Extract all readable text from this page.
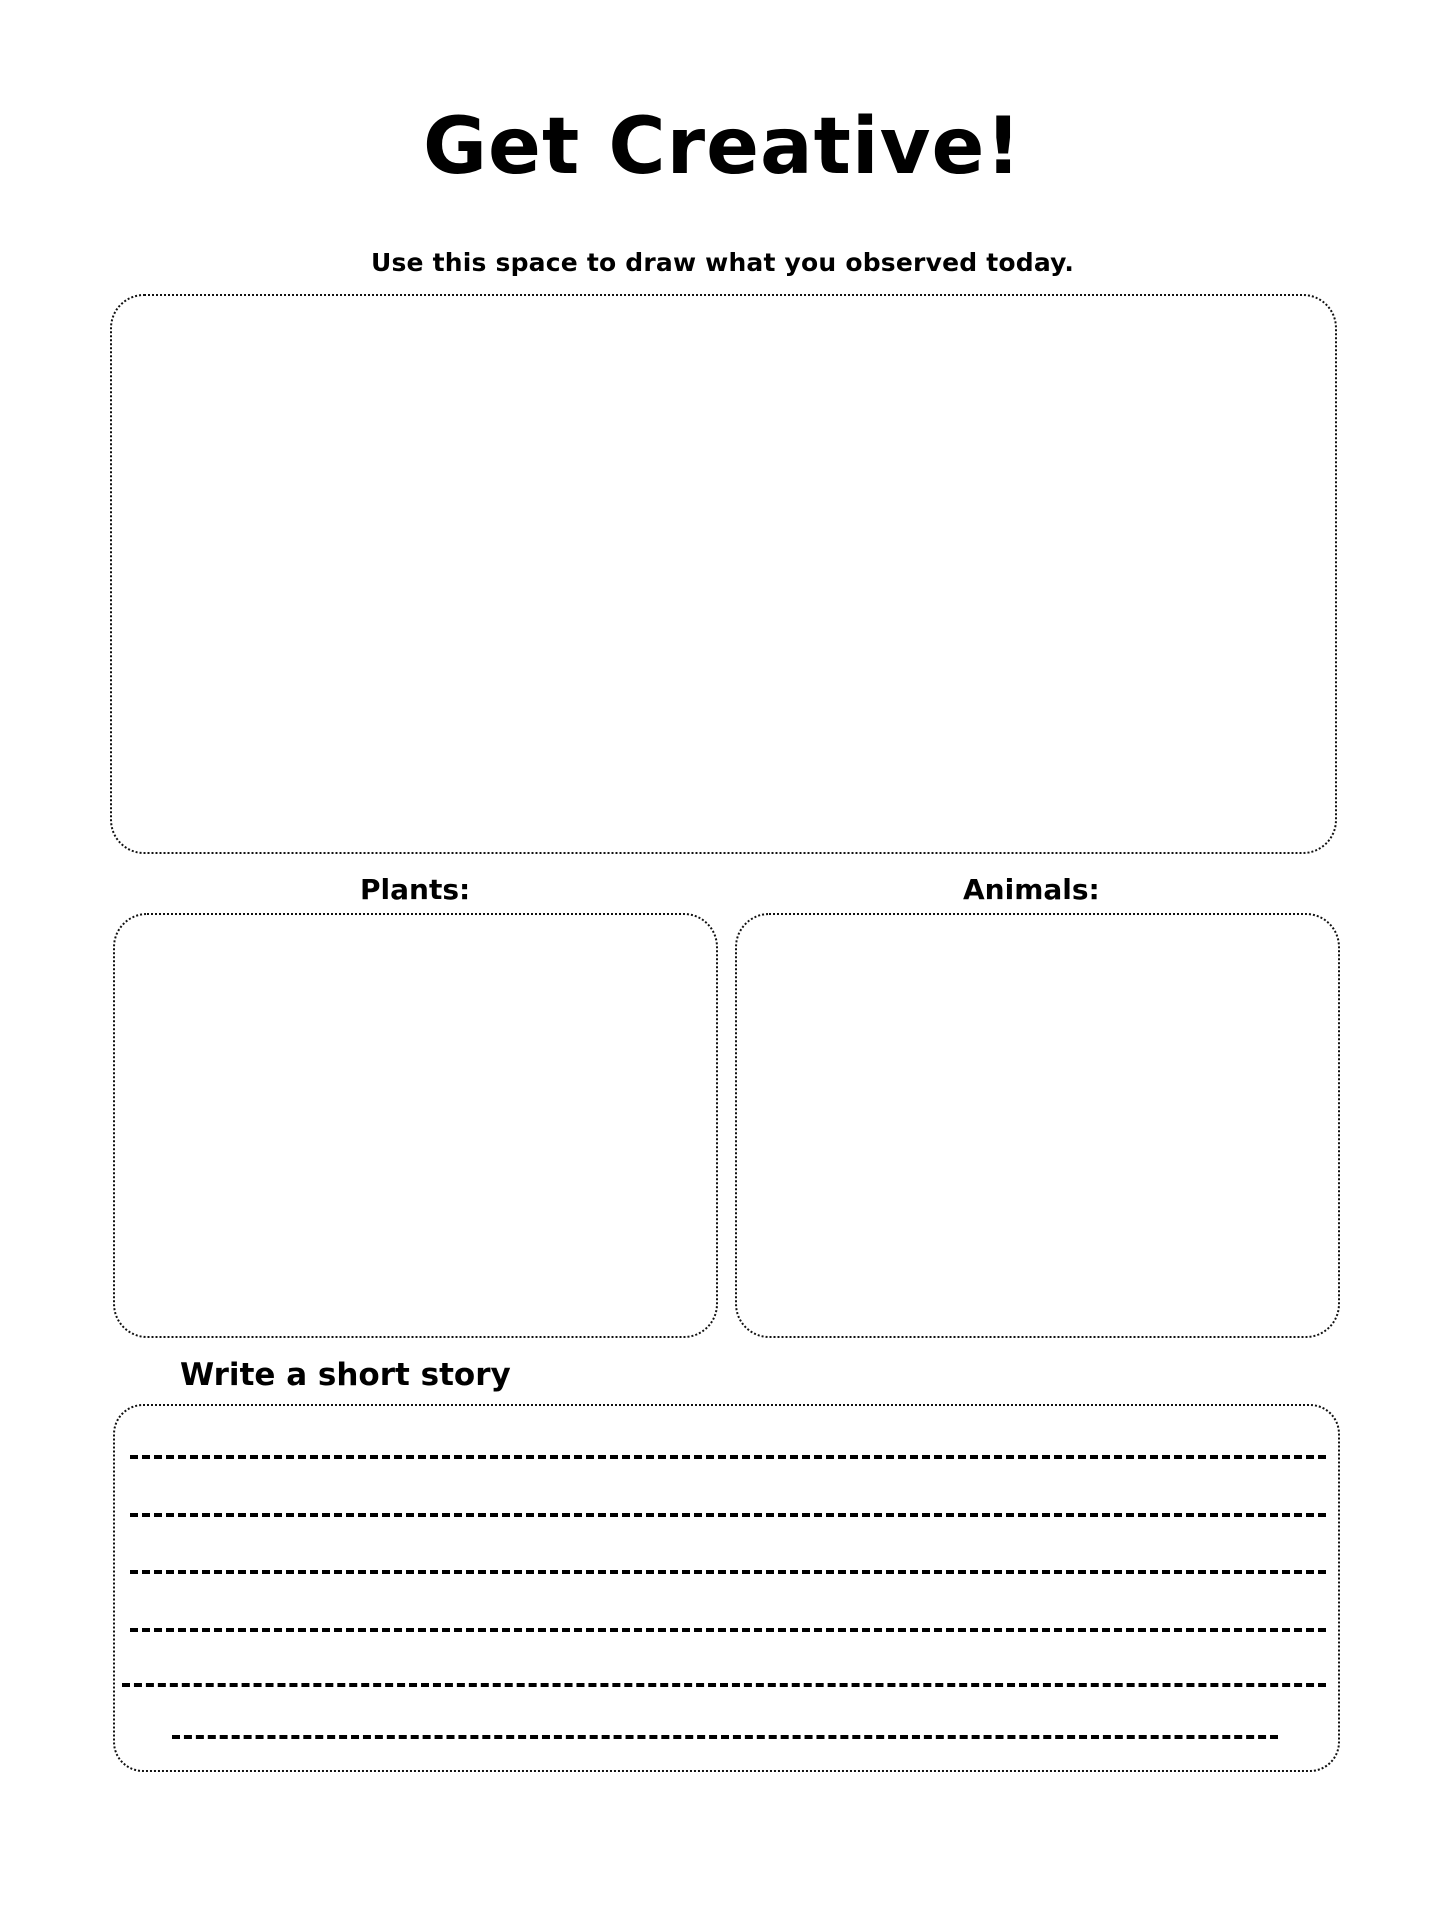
Get Creative!
Use this space to draw what you observed today.
Plants:	Animals:
Write a short story
